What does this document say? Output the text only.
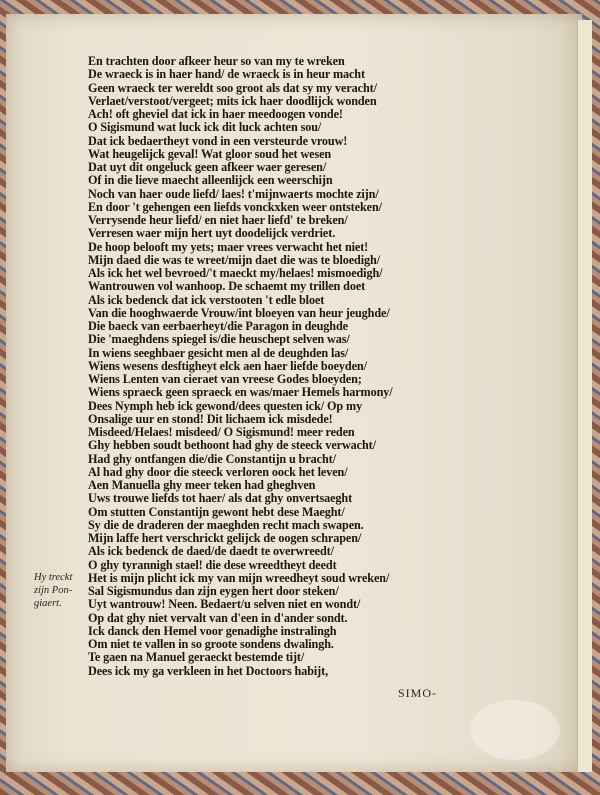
En trachten door afkeer heur so van my te wreken
De wraeck is in haer hand/ de wraeck is in heur macht
Geen wraeck ter wereldt soo groot als dat sy my veracht/
Verlaet/verstoot/vergeet; mits ick haer doodlijck wonden
Ach! oft gheviel dat ick in haer meedoogen vonde!
O Sigismund wat luck ick dit luck achten sou/
Dat ick bedaertheyt vond in een versteurde vrouw!
Wat heugelijck geval! Wat gloor soud het wesen
Dat uyt dit ongeluck geen afkeer waer geresen/
Of in die lieve maecht alleenlijck een weerschijn
Noch van haer oude liefd/ laes! t'mijnwaerts mochte zijn/
En door 't gehengen een liefds vonckxken weer ontsteken/
Verrysende heur liefd/ en niet haer liefd' te breken/
Verresen waer mijn hert uyt doodelijck verdriet.
De hoop belooft my yets; maer vrees verwacht het niet!
Mijn daed die was te wreet/mijn daet die was te bloedigh/
Als ick het wel bevroed/'t maeckt my/helaes! mismoedigh/
Wantrouwen vol wanhoop. De schaemt my trillen doet
Als ick bedenck dat ick verstooten 't edle bloet
Van die hooghwaerde Vrouw/int bloeyen van heur jeughde/
Die baeck van eerbaerheyt/die Paragon in deughde
Die 'maeghdens spiegel is/die heuschept selven was/
In wiens seeghbaer gesicht men al de deughden las/
Wiens wesens desftigheyt elck aen haer liefde boeyden/
Wiens Lenten van cieraet van vreese Godes bloeyden;
Wiens spraeck geen spraeck en was/maer Hemels harmony/
Dees Nymph heb ick gewond/dees questen ick/ Op my
Onsalige uur en stond! Dit lichaem ick misdede!
Misdeed/Helaes! misdeed/ O Sigismund! meer reden
Ghy hebben soudt bethoont had ghy de steeck verwacht/
Had ghy ontfangen die/die Constantijn u bracht/
Al had ghy door die steeck verloren oock het leven/
Aen Manuella ghy meer teken had gheghven
Uws trouwe liefds tot haer/ als dat ghy onvertsaeght
Om stutten Constantijn gewont hebt dese Maeght/
Sy die de draderen der maeghden recht mach swapen.
Mijn laffe hert verschrickt gelijck de oogen schrapen/
Als ick bedenck de daed/de daedt te overwreedt/
O ghy tyrannigh stael! die dese wreedtheyt deedt
Het is mijn plicht ick my van mijn wreedheyt soud wreken/
Sal Sigismundus dan zijn eygen hert door steken/
Uyt wantrouw! Neen. Bedaert/u selven niet en wondt/
Op dat ghy niet vervalt van d'een in d'ander sondt.
Ick danck den Hemel voor genadighe instralingh
Om niet te vallen in so groote sondens dwalingh.
Te gaen na Manuel geraeckt bestemde tijt/
Dees ick my ga verkleen in het Doctoors habijt,
Hy treckt
zijn Pon-
giaert.
SIMO-
